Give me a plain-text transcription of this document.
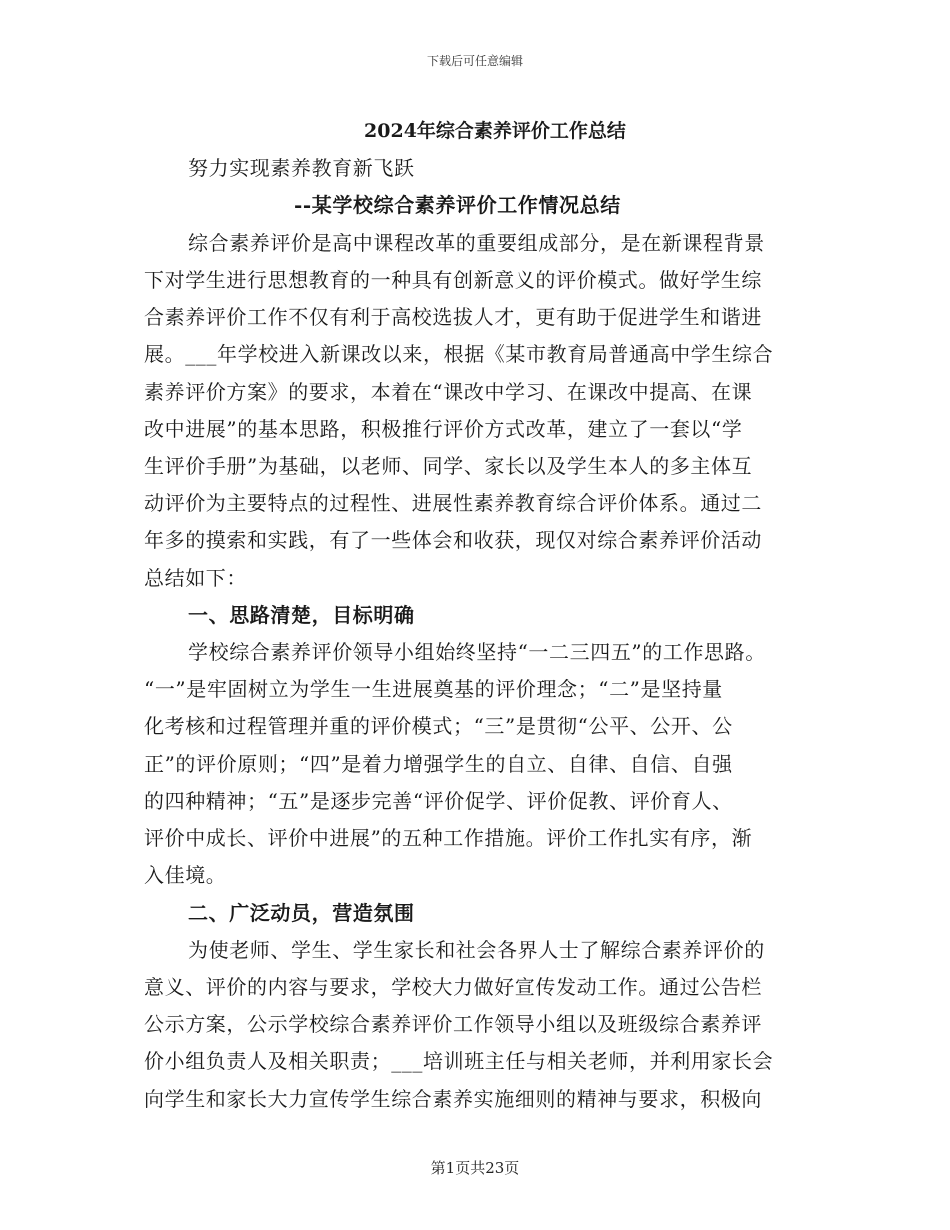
下载后可任意编辑
2024年综合素养评价工作总结
努力实现素养教育新飞跃
--某学校综合素养评价工作情况总结
综合素养评价是高中课程改革的重要组成部分，是在新课程背景
下对学生进行思想教育的一种具有创新意义的评价模式。做好学生综
合素养评价工作不仅有利于高校选拔人才，更有助于促进学生和谐进
展。___年学校进入新课改以来，根据《某市教育局普通高中学生综合
素养评价方案》的要求，本着在“课改中学习、在课改中提高、在课
改中进展”的基本思路，积极推行评价方式改革，建立了一套以“学
生评价手册”为基础，以老师、同学、家长以及学生本人的多主体互
动评价为主要特点的过程性、进展性素养教育综合评价体系。通过二
年多的摸索和实践，有了一些体会和收获，现仅对综合素养评价活动
总结如下：
一、思路清楚，目标明确
学校综合素养评价领导小组始终坚持“一二三四五”的工作思路。
“一”是牢固树立为学生一生进展奠基的评价理念；“二”是坚持量
化考核和过程管理并重的评价模式；“三”是贯彻“公平、公开、公
正”的评价原则；“四”是着力增强学生的自立、自律、自信、自强
的四种精神；“五”是逐步完善“评价促学、评价促教、评价育人、
评价中成长、评价中进展”的五种工作措施。评价工作扎实有序，渐
入佳境。
二、广泛动员，营造氛围
为使老师、学生、学生家长和社会各界人士了解综合素养评价的
意义、评价的内容与要求，学校大力做好宣传发动工作。通过公告栏
公示方案，公示学校综合素养评价工作领导小组以及班级综合素养评
价小组负责人及相关职责；___培训班主任与相关老师，并利用家长会
向学生和家长大力宣传学生综合素养实施细则的精神与要求，积极向
第1页共23页
